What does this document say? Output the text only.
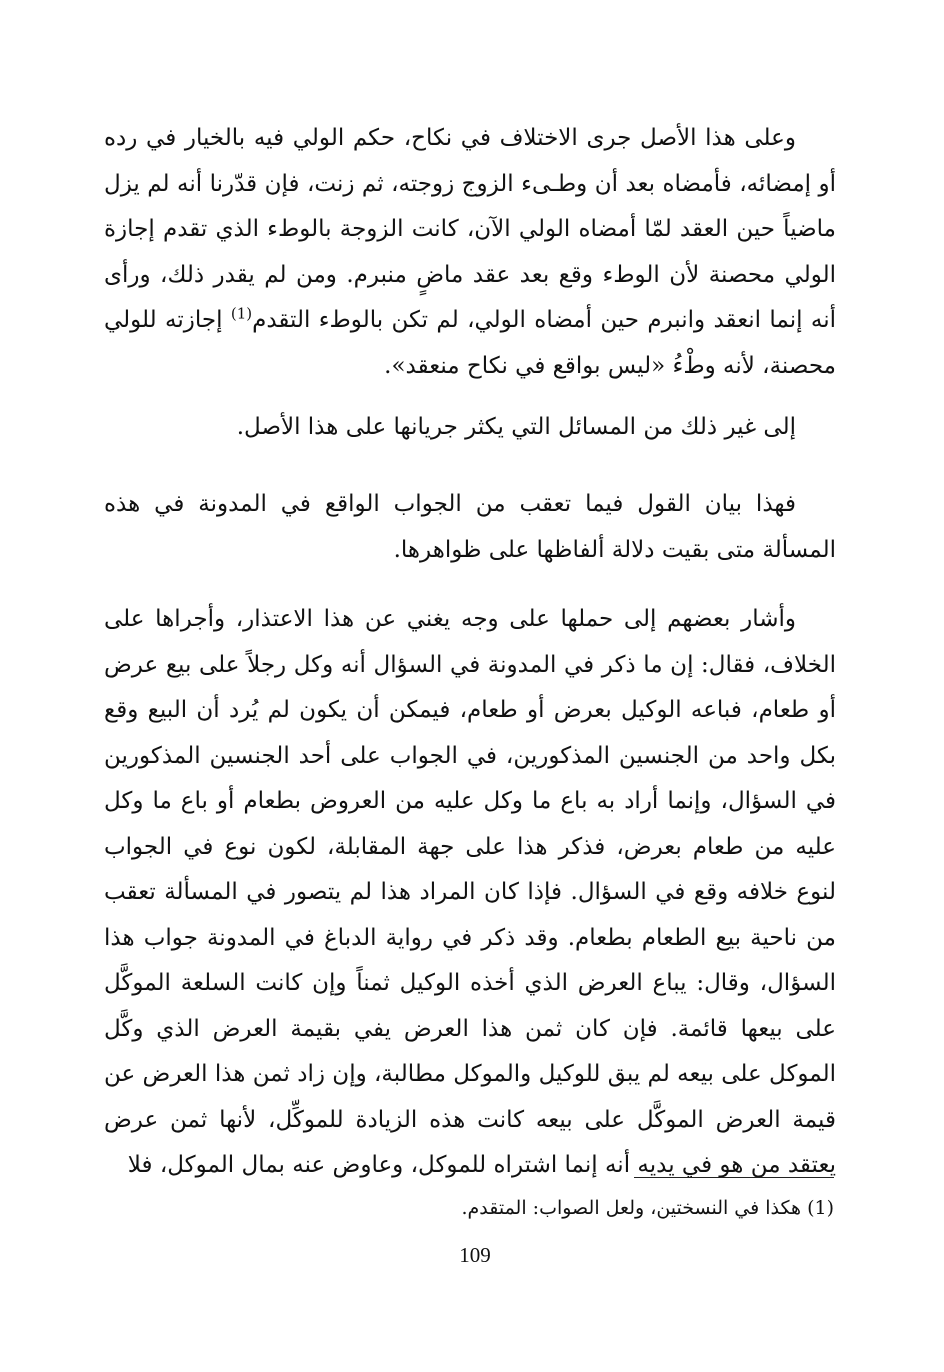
وعلى هذا الأصل جرى الاختلاف في نكاح، حكم الولي فيه بالخيار في رده أو إمضائه، فأمضاه بعد أن وطـىء الزوج زوجته، ثم زنت، فإن قدّرنا أنه لم يزل ماضياً حين العقد لمّا أمضاه الولي الآن، كانت الزوجة بالوطء الذي تقدم إجازة الولي محصنة لأن الوطء وقع بعد عقد ماضٍ منبرم. ومن لم يقدر ذلك، ورأى أنه إنما انعقد وانبرم حين أمضاه الولي، لم تكن بالوطء التقدم$^{(1)}$ إجازته للولي محصنة، لأنه وطْءُ «ليس بواقع في نكاح منعقد».

إلى غير ذلك من المسائل التي يكثر جريانها على هذا الأصل.

فهذا بيان القول فيما تعقب من الجواب الواقع في المدونة في هذه المسألة متى بقيت دلالة ألفاظها على ظواهرها.

وأشار بعضهم إلى حملها على وجه يغني عن هذا الاعتذار، وأجراها على الخلاف، فقال: إن ما ذكر في المدونة في السؤال أنه وكل رجلاً على بيع عرض أو طعام، فباعه الوكيل بعرض أو طعام، فيمكن أن يكون لم يُرد أن البيع وقع بكل واحد من الجنسين المذكورين، في الجواب على أحد الجنسين المذكورين في السؤال، وإنما أراد به باع ما وكل عليه من العروض بطعام أو باع ما وكل عليه من طعام بعرض، فذكر هذا على جهة المقابلة، لكون نوع في الجواب لنوع خلافه وقع في السؤال. فإذا كان المراد هذا لم يتصور في المسألة تعقب من ناحية بيع الطعام بطعام. وقد ذكر في رواية الدباغ في المدونة جواب هذا السؤال، وقال: يباع العرض الذي أخذه الوكيل ثمناً وإن كانت السلعة الموكَّل على بيعها قائمة. فإن كان ثمن هذا العرض يفي بقيمة العرض الذي وكَّل الموكل على بيعه لم يبق للوكيل والموكل مطالبة، وإن زاد ثمن هذا العرض عن قيمة العرض الموكَّل على بيعه كانت هذه الزيادة للموكِّل، لأنها ثمن عرض يعتقد من هو في يديه أنه إنما اشتراه للموكل، وعاوض عنه بمال الموكل، فلا

(1) هكذا في النسختين، ولعل الصواب: المتقدم.
109
